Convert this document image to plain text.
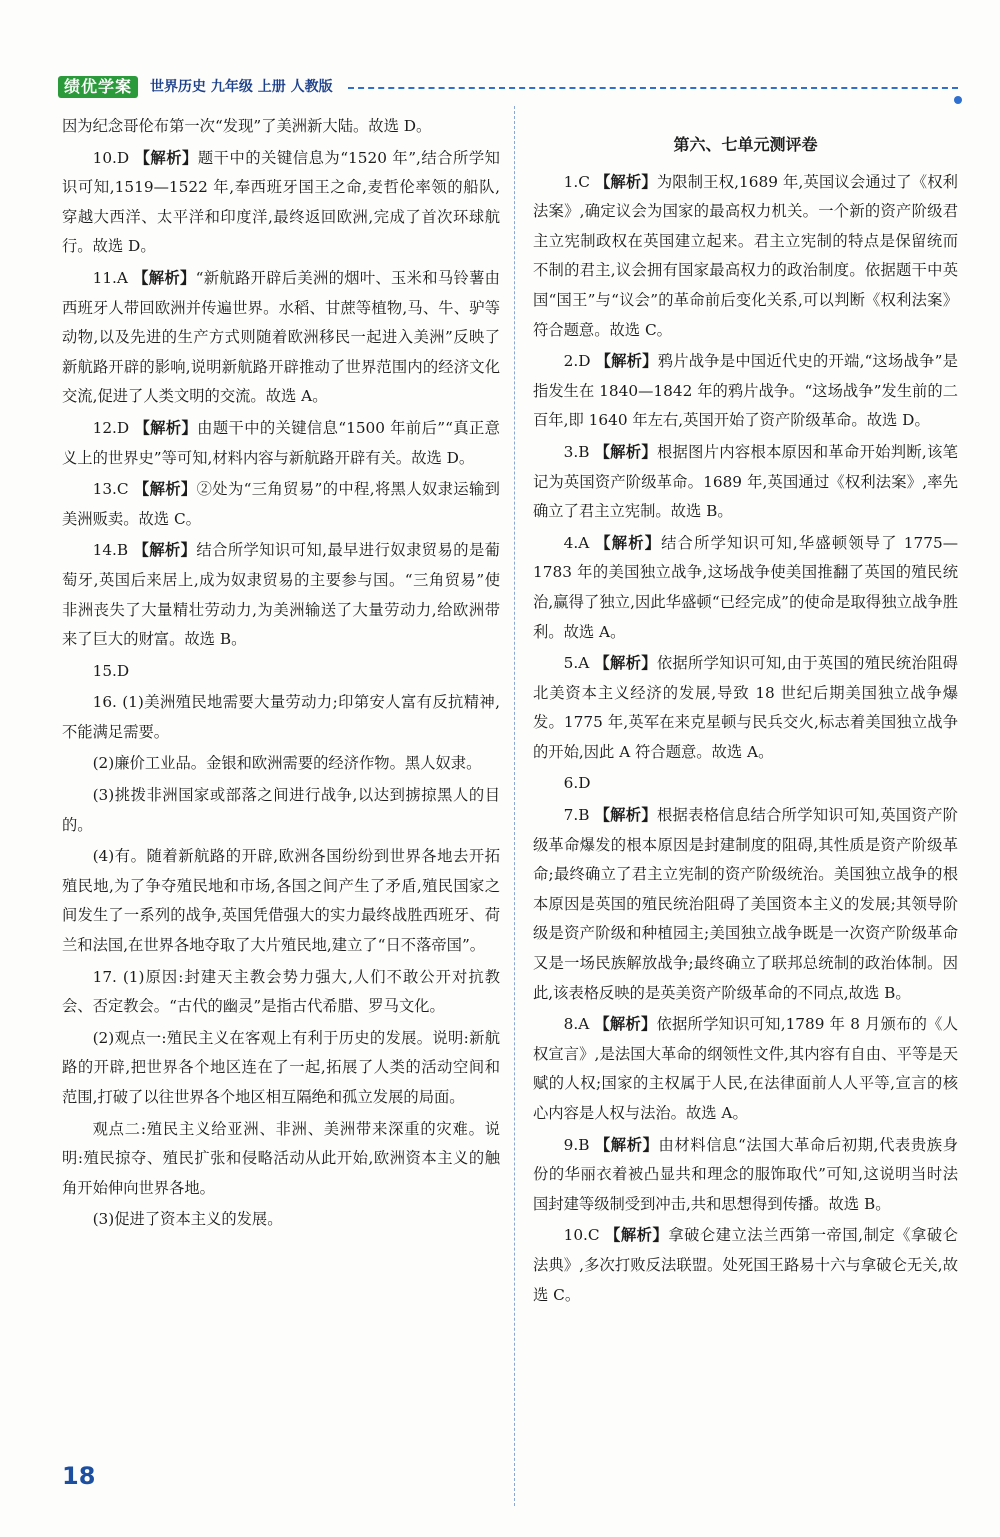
绩优学案	世界历史 九年级 上册 人教版

因为纪念哥伦布第一次“发现”了美洲新大陆。故选 D。

10.D 【解析】题干中的关键信息为“1520 年”,结合所学知识可知,1519—1522 年,奉西班牙国王之命,麦哲伦率领的船队,穿越大西洋、太平洋和印度洋,最终返回欧洲,完成了首次环球航行。故选 D。

11.A 【解析】“新航路开辟后美洲的烟叶、玉米和马铃薯由西班牙人带回欧洲并传遍世界。水稻、甘蔗等植物,马、牛、驴等动物,以及先进的生产方式则随着欧洲移民一起进入美洲”反映了新航路开辟的影响,说明新航路开辟推动了世界范围内的经济文化交流,促进了人类文明的交流。故选 A。

12.D 【解析】由题干中的关键信息“1500 年前后”“真正意义上的世界史”等可知,材料内容与新航路开辟有关。故选 D。

13.C 【解析】②处为“三角贸易”的中程,将黑人奴隶运输到美洲贩卖。故选 C。

14.B 【解析】结合所学知识可知,最早进行奴隶贸易的是葡萄牙,英国后来居上,成为奴隶贸易的主要参与国。“三角贸易”使非洲丧失了大量精壮劳动力,为美洲输送了大量劳动力,给欧洲带来了巨大的财富。故选 B。

15.D

16. (1)美洲殖民地需要大量劳动力;印第安人富有反抗精神,不能满足需要。

(2)廉价工业品。金银和欧洲需要的经济作物。黑人奴隶。

(3)挑拨非洲国家或部落之间进行战争,以达到掳掠黑人的目的。

(4)有。随着新航路的开辟,欧洲各国纷纷到世界各地去开拓殖民地,为了争夺殖民地和市场,各国之间产生了矛盾,殖民国家之间发生了一系列的战争,英国凭借强大的实力最终战胜西班牙、荷兰和法国,在世界各地夺取了大片殖民地,建立了“日不落帝国”。

17. (1)原因:封建天主教会势力强大,人们不敢公开对抗教会、否定教会。“古代的幽灵”是指古代希腊、罗马文化。

(2)观点一:殖民主义在客观上有利于历史的发展。说明:新航路的开辟,把世界各个地区连在了一起,拓展了人类的活动空间和范围,打破了以往世界各个地区相互隔绝和孤立发展的局面。

观点二:殖民主义给亚洲、非洲、美洲带来深重的灾难。说明:殖民掠夺、殖民扩张和侵略活动从此开始,欧洲资本主义的触角开始伸向世界各地。

(3)促进了资本主义的发展。

第六、七单元测评卷

1.C 【解析】为限制王权,1689 年,英国议会通过了《权利法案》,确定议会为国家的最高权力机关。一个新的资产阶级君主立宪制政权在英国建立起来。君主立宪制的特点是保留统而不制的君主,议会拥有国家最高权力的政治制度。依据题干中英国“国王”与“议会”的革命前后变化关系,可以判断《权利法案》符合题意。故选 C。

2.D 【解析】鸦片战争是中国近代史的开端,“这场战争”是指发生在 1840—1842 年的鸦片战争。“这场战争”发生前的二百年,即 1640 年左右,英国开始了资产阶级革命。故选 D。

3.B 【解析】根据图片内容根本原因和革命开始判断,该笔记为英国资产阶级革命。1689 年,英国通过《权利法案》,率先确立了君主立宪制。故选 B。

4.A 【解析】结合所学知识可知,华盛顿领导了 1775—1783 年的美国独立战争,这场战争使美国推翻了英国的殖民统治,赢得了独立,因此华盛顿“已经完成”的使命是取得独立战争胜利。故选 A。

5.A 【解析】依据所学知识可知,由于英国的殖民统治阻碍北美资本主义经济的发展,导致 18 世纪后期美国独立战争爆发。1775 年,英军在来克星顿与民兵交火,标志着美国独立战争的开始,因此 A 符合题意。故选 A。

6.D

7.B 【解析】根据表格信息结合所学知识可知,英国资产阶级革命爆发的根本原因是封建制度的阻碍,其性质是资产阶级革命;最终确立了君主立宪制的资产阶级统治。美国独立战争的根本原因是英国的殖民统治阻碍了美国资本主义的发展;其领导阶级是资产阶级和种植园主;美国独立战争既是一次资产阶级革命又是一场民族解放战争;最终确立了联邦总统制的政治体制。因此,该表格反映的是英美资产阶级革命的不同点,故选 B。

8.A 【解析】依据所学知识可知,1789 年 8 月颁布的《人权宣言》,是法国大革命的纲领性文件,其内容有自由、平等是天赋的人权;国家的主权属于人民,在法律面前人人平等,宣言的核心内容是人权与法治。故选 A。

9.B 【解析】由材料信息“法国大革命后初期,代表贵族身份的华丽衣着被凸显共和理念的服饰取代”可知,这说明当时法国封建等级制受到冲击,共和思想得到传播。故选 B。

10.C 【解析】拿破仑建立法兰西第一帝国,制定《拿破仑法典》,多次打败反法联盟。处死国王路易十六与拿破仑无关,故选 C。

18
